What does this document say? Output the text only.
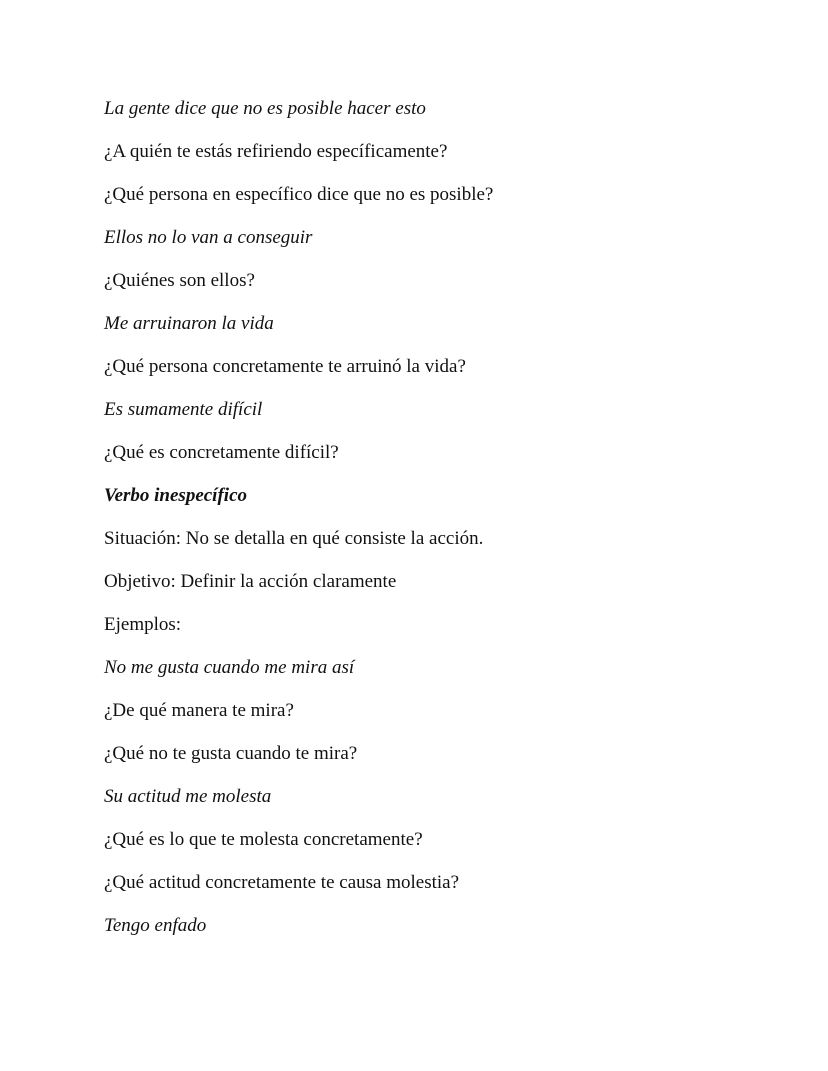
La gente dice que no es posible hacer esto

¿A quién te estás refiriendo específicamente?

¿Qué persona en específico dice que no es posible?

Ellos no lo van a conseguir

¿Quiénes son ellos?

Me arruinaron la vida

¿Qué persona concretamente te arruinó la vida?

Es sumamente difícil

¿Qué es concretamente difícil?

Verbo inespecífico

Situación: No se detalla en qué consiste la acción.

Objetivo: Definir la acción claramente

Ejemplos:

No me gusta cuando me mira así

¿De qué manera te mira?

¿Qué no te gusta cuando te mira?

Su actitud me molesta

¿Qué es lo que te molesta concretamente?

¿Qué actitud concretamente te causa molestia?

Tengo enfado
